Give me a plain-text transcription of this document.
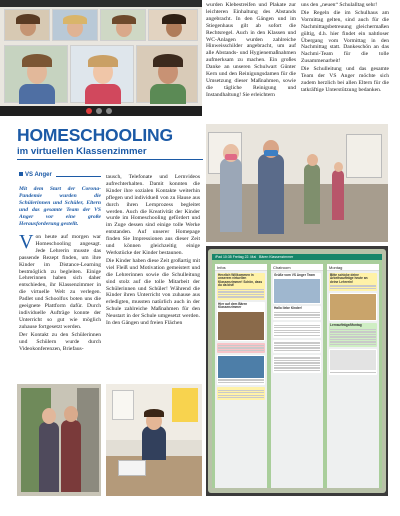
HOMESCHOOLING
im virtuellen Klassenzimmer
VS Anger
Mit dem Start der Corona-Pandemie wurden die Schülerinnen und Schüler, Eltern und das gesamte Team der VS Anger vor eine große Herausforderung gestellt.

Von heute auf morgen war Homeschooling angesagt. Jede Lehrerin musste das passende Rezept finden, um ihre Kinder im Distance-Learning bestmöglich zu begleiten. Einige Lehrerinnen haben sich daher entschieden, ihr Klassenzimmer in die virtuelle Welt zu verlegen. Padlet und Schoolfox boten uns die geeignete Plattform dafür. Durch individuelle Aufträge konnte der Unterricht so gut wie möglich zuhause fortgesetzt werden.

Der Kontakt zu den Schülerinnen und Schülern wurde durch Videokonferenzen, Briefaus-

tausch, Telefonate und Lernvideos aufrechterhalten. Damit konnten die Kinder ihre sozialen Kontakte weiterhin pflegen und individuell von zu Hause aus durch ihren Lernprozess begleitet werden. Auch die Kreativität der Kinder wurde im Homeschooling gefördert und im Zuge dessen sind einige tolle Werke entstanden. Auf unserer Homepage finden Sie Impressionen aus dieser Zeit und können gleichzeitig einige Werkstücke der Kinder bestaunen.

Die Kinder haben diese Zeit großartig mit viel Fleiß und Motivation gemeistert und die Lehrerinnen sowie die Schulleitung sind stolz auf die tolle Mitarbeit der Schülerinnen und Schüler! Während die Kinder ihren Unterricht von zuhause aus erledigten, mussten natürlich auch in der Schule zahlreiche Maßnahmen für den Neustart in der Schule umgesetzt werden. In den Gängen und freien Flächen

wurden Klebestreifen und Plakate zur leichteren Einhaltung des Abstands angebracht. In den Gängen und im Stiegenhaus gilt ab sofort die Rechtsregel. Auch in den Klassen und WC-Anlagen wurden zahlreiche Hinweisschilder angebracht, um auf alle Abstands- und Hygienemaßnahmen aufmerksam zu machen. Ein großes Danke an unseren Schulwart Günter Kern und den Reinigungsdamen für die Umsetzung dieser Maßnahmen, sowie die tägliche Reinigung und Instandhaltung! Sie erleichtern

uns den „neuen“ Schulalltag sehr!

Die Regeln die im Schulhaus am Vormittag gelten, sind auch für die Nachmittagsbetreuung gleichermaßen gültig, d.h. hier findet ein nahtloser Übergang vom Vormittag in den Nachmittag statt. Dankeschön an das Nachmi-Team für die tolle Zusammenarbeit!

Die Schulleitung und das gesamte Team der VS Anger möchte sich zudem herzlich bei allen Eltern für die tatkräftige Unterstützung bedanken.

iPad 10:35 Freitag 22. Mai Bären Klassenzimmer
Infos
Herzlich Willkommen in unserem virtuellen Klassenzimmer! Schön, dass du da bist!
Hier auf dem Bären Klassenzimmer
Chatroom
Grüße vom VS Anger Team
Hallo liebe Kinder!
Montag
Bitte schicke deine Arbeitsaufträge heute an deine Lehrerin!
Lernaufträge/Montag
